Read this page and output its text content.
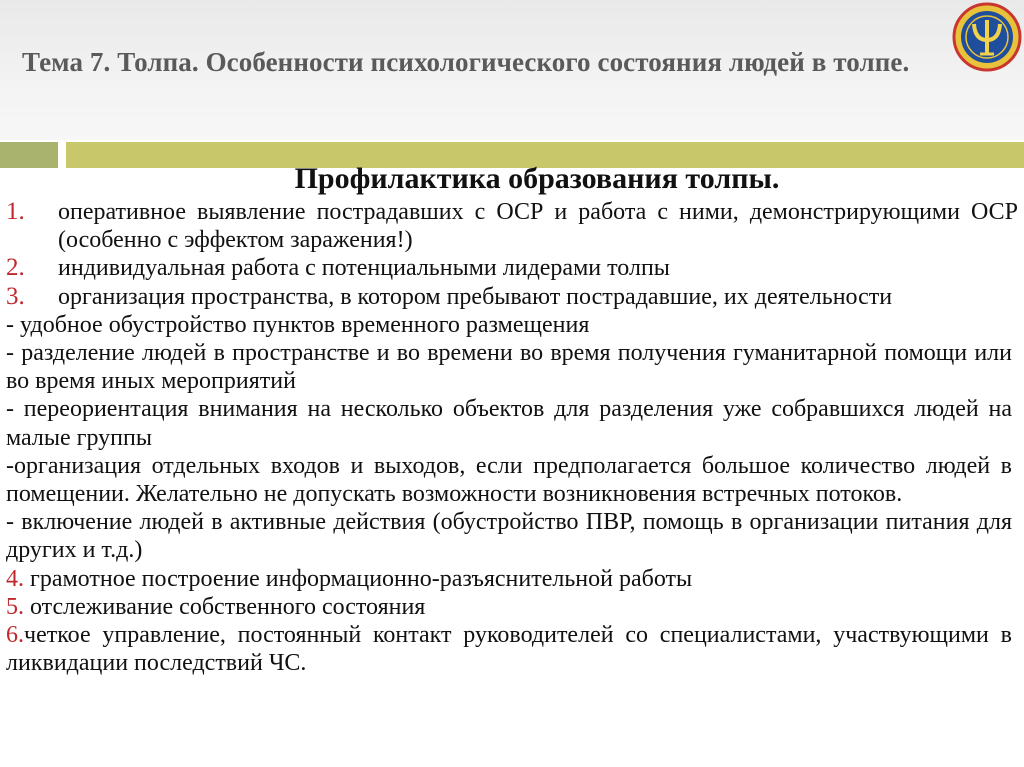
Тема 7. Толпа. Особенности психологического состояния людей в толпе.
Профилактика образования толпы.
1.	оперативное выявление пострадавших с ОСР и работа с ними, демонстрирующими ОСР (особенно с эффектом заражения!)
2.	индивидуальная работа с потенциальными лидерами толпы
3.	организация пространства, в котором пребывают пострадавшие, их деятельности
- удобное обустройство пунктов временного размещения
- разделение людей в пространстве и во времени во время получения гуманитарной помощи или во время иных мероприятий
- переориентация внимания на несколько объектов для разделения уже собравшихся людей на малые группы
-организация отдельных входов и выходов, если предполагается большое количество людей в помещении. Желательно не допускать возможности возникновения встречных потоков.
- включение людей в активные действия (обустройство ПВР, помощь в организации питания для других и т.д.)
4. грамотное построение информационно-разъяснительной работы
5. отслеживание собственного состояния
6.четкое управление, постоянный контакт руководителей со специалистами, участвующими в ликвидации последствий ЧС.
